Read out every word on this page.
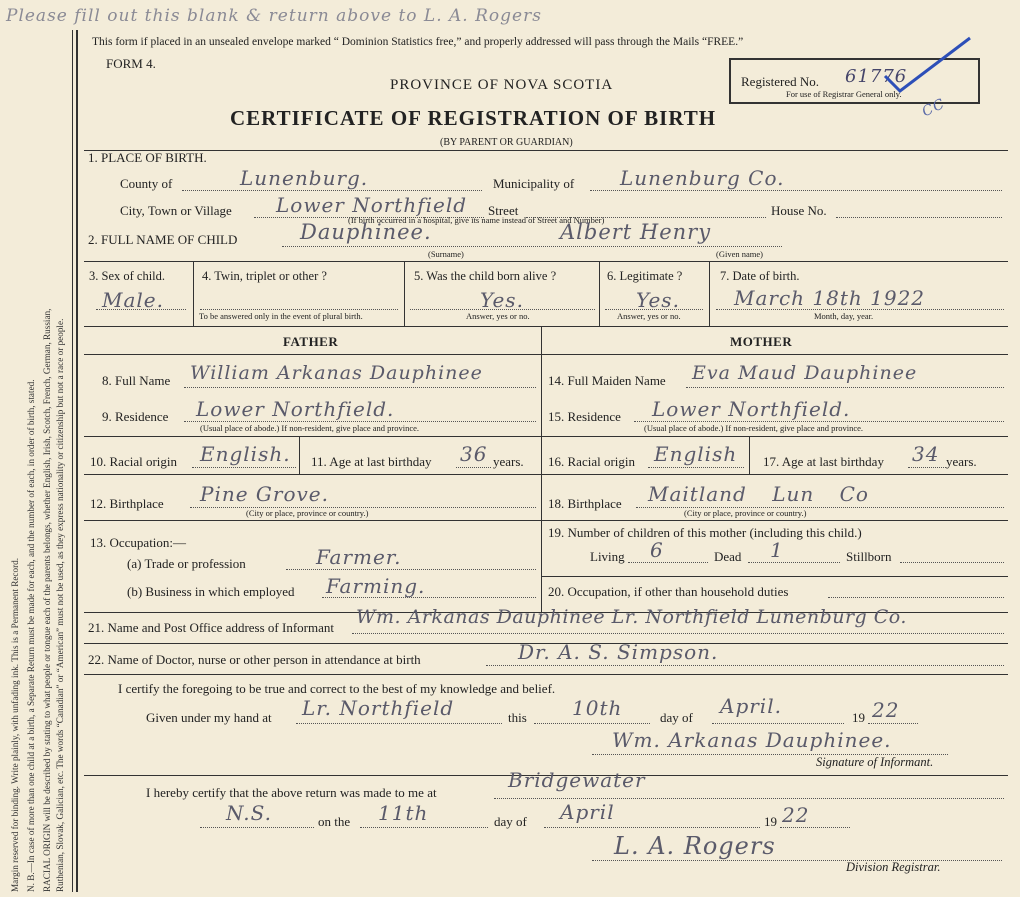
Please fill out this blank & return above to L. A. Rogers
Margin reserved for binding. Write plainly, with unfading ink. This is a Permanent Record. N. B.—In case of more than one child at a birth, a Separate Return must be made for each, and the number of each, in order of birth, stated. RACIAL ORIGIN will be described by stating to what people or tongue each of the parents belongs, whether English, Irish, Scotch, French, German, Russian, Ruthenian, Slovak, Galician, etc. The words “Canadian” or “American” must not be used, as they express nationality or citizenship but not a race or people.
This form if placed in an unsealed envelope marked “ Dominion Statistics free,” and properly addressed will pass through the Mails “FREE.”
FORM 4.
PROVINCE OF NOVA SCOTIA
CERTIFICATE OF REGISTRATION OF BIRTH
(BY PARENT OR GUARDIAN)
Registered No. 61776
For use of Registrar General only.
CC
1. PLACE OF BIRTH.
County of	Lunenburg.	Municipality of Lunenburg Co.
City, Town or Village Lower Northfield Street
(If birth occurred in a hospital, give its name instead of Street and Number)
House No.
2. FULL NAME OF CHILD	Dauphinee.	Albert Henry
(Surname)	(Given name)
3. Sex of child.
Male.
4. Twin, triplet or other ?
To be answered only in the event of plural birth.
5. Was the child born alive ?
Yes.
Answer, yes or no.
6. Legitimate ?
Yes.
Answer, yes or no.
7. Date of birth.
March 18th 1922
Month, day, year.
FATHER	MOTHER
8. Full Name William Arkanas Dauphinee
9. Residence Lower Northfield.
(Usual place of abode.) If non-resident, give place and province.
10. Racial origin English. 11. Age at last birthday 36 years.
12. Birthplace Pine Grove.
(City or place, province or country.)
13. Occupation:—
(a) Trade or profession	Farmer.
(b) Business in which employed Farming.
14. Full Maiden Name Eva Maud Dauphinee
15. Residence Lower Northfield.
(Usual place of abode.) If non-resident, give place and province.
16. Racial origin English 17. Age at last birthday 34 years.
18. Birthplace Maitland Lun Co
(City or place, province or country.)
19. Number of children of this mother (including this child.)
Living 6	Dead 1	Stillborn
20. Occupation, if other than household duties
21. Name and Post Office address of Informant Wm. Arkanas Dauphinee Lr. Northfield Lunenburg Co.
22. Name of Doctor, nurse or other person in attendance at birth	Dr. A. S. Simpson.
I certify the foregoing to be true and correct to the best of my knowledge and belief.
Given under my hand at Lr. Northfield	this 10th	day of April.	19 22
Wm. Arkanas Dauphinee.
Signature of Informant.
I hereby certify that the above return was made to me at
Bridgewater
N.S.	on the 11th	day of April	19 22
L. A. Rogers
Division Registrar.
